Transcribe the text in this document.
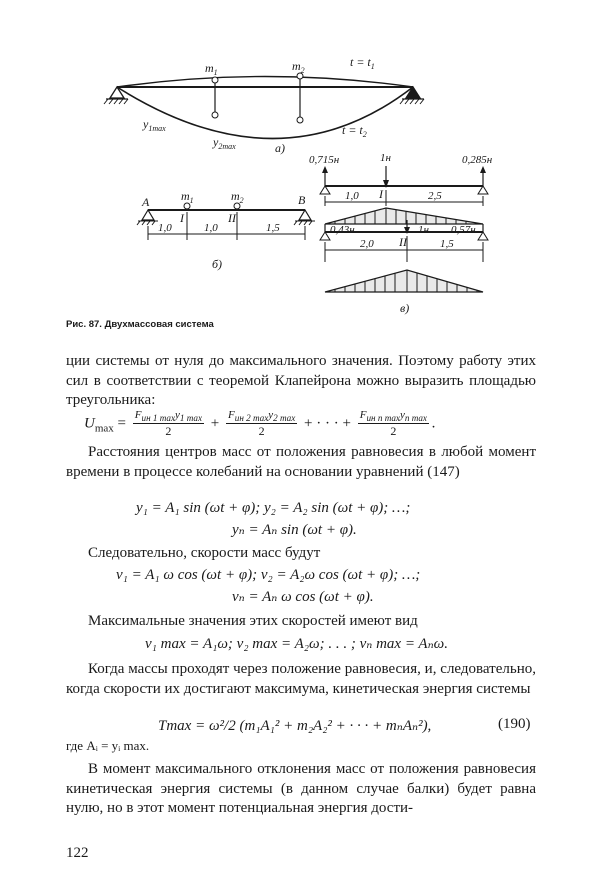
$m_1$	$m_2$
$t = t_1$
$t = t_2$
$y_{1max}$
$y_{2max}$	a)
A	B
$m_1$	$m_2$
I	II
1,0	1,0	1,5
б)
0,715н	1н	0,285н
I
1,0	2,5
0,43н	1н 0,57н
II
2,0	1,5
в)
Рис. 87. Двухмассовая система
ции системы от нуля до максимального значения. Поэтому работу этих сил в соответствии с теоремой Клапейрона можно выразить площадью треугольника:
$U_{max} = \frac{F_{ин 1 max}y_{1 max}}{2} + \frac{F_{ин 2 max}y_{2 max}}{2}$ + · · · + $\frac{F_{ин n max}y_{n max}}{2}$ .
Расстояния центров масс от положения равновесия в любой момент времени в процессе колебаний на основании уравнений (147)
y₁ = A₁ sin (ωt + φ); y₂ = A₂ sin (ωt + φ); …;
yₙ = Aₙ sin (ωt + φ).
Следовательно, скорости масс будут
v₁ = A₁ ω cos (ωt + φ); v₂ = A₂ω cos (ωt + φ); …;
vₙ = Aₙ ω cos (ωt + φ).
Максимальные значения этих скоростей имеют вид
v₁ max = A₁ω; v₂ max = A₂ω; . . . ; vₙ max = Aₙω.
Когда массы проходят через положение равновесия, и, следовательно, когда скорости их достигают максимума, кинетическая энергия системы
Tmax = ω²/2 (m₁A₁² + m₂A₂² + · · · + mₙAₙ²),	(190)
где Aᵢ = yᵢ max.
В момент максимального отклонения масс от положения равновесия кинетическая энергия системы (в данном случае балки) будет равна нулю, но в этот момент потенциальная энергия дости-
122
